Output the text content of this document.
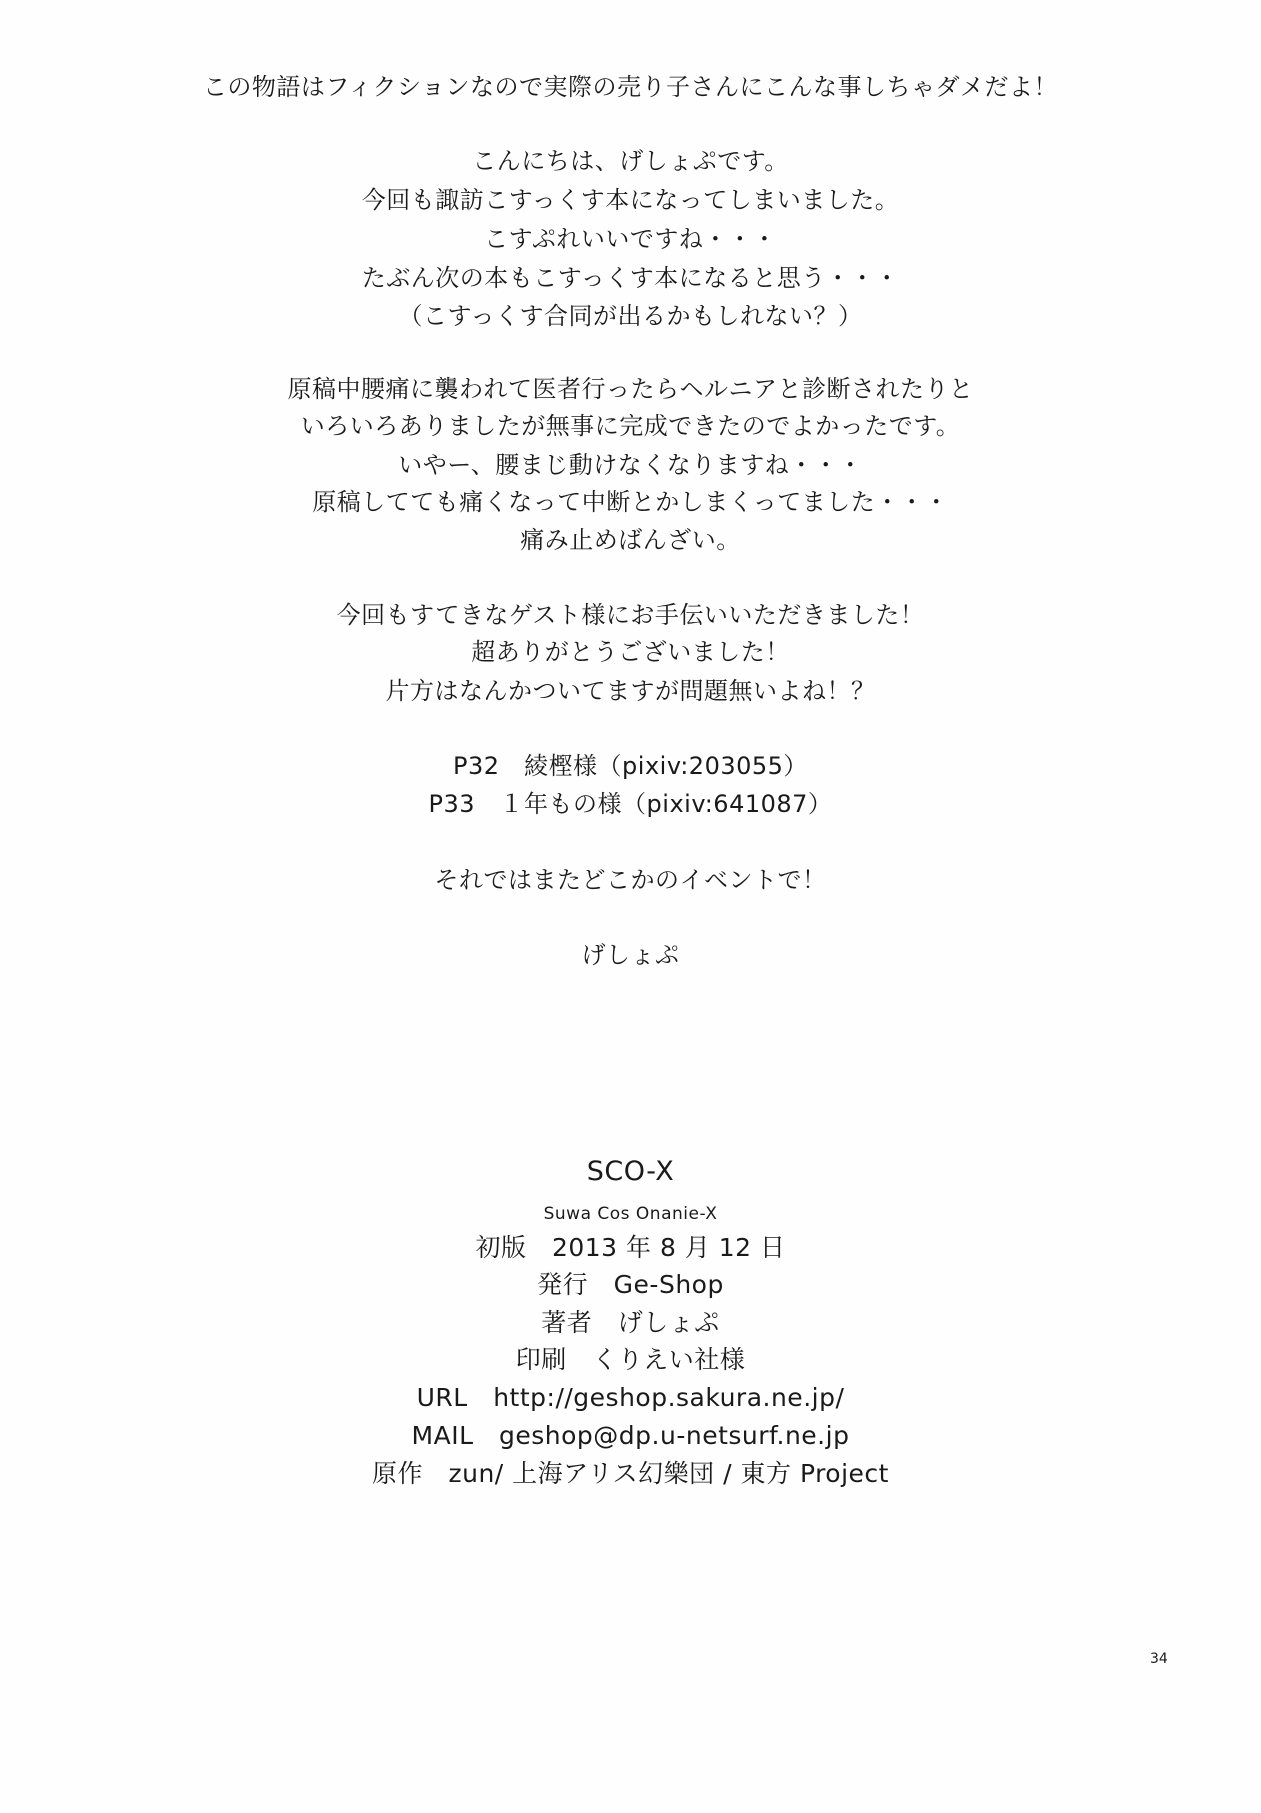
この物語はフィクションなので実際の売り子さんにこんな事しちゃダメだよ！
こんにちは、げしょぷです。
今回も諏訪こすっくす本になってしまいました。
こすぷれいいですね・・・
たぶん次の本もこすっくす本になると思う・・・
（こすっくす合同が出るかもしれない？）
原稿中腰痛に襲われて医者行ったらヘルニアと診断されたりと
いろいろありましたが無事に完成できたのでよかったです。
いやー、腰まじ動けなくなりますね・・・
原稿してても痛くなって中断とかしまくってました・・・
痛み止めばんざい。
今回もすてきなゲスト様にお手伝いいただきました！
超ありがとうございました！
片方はなんかついてますが問題無いよね！？
P32　綾樫様（pixiv:203055）
P33　１年もの様（pixiv:641087）
それではまたどこかのイベントで！
げしょぷ
SCO-X
Suwa Cos Onanie-X
初版　2013 年 8 月 12 日
発行　Ge-Shop
著者　げしょぷ
印刷　くりえい社様
URL　http://geshop.sakura.ne.jp/
MAIL　geshop@dp.u-netsurf.ne.jp
原作　zun/ 上海アリス幻樂団 / 東方 Project
34
